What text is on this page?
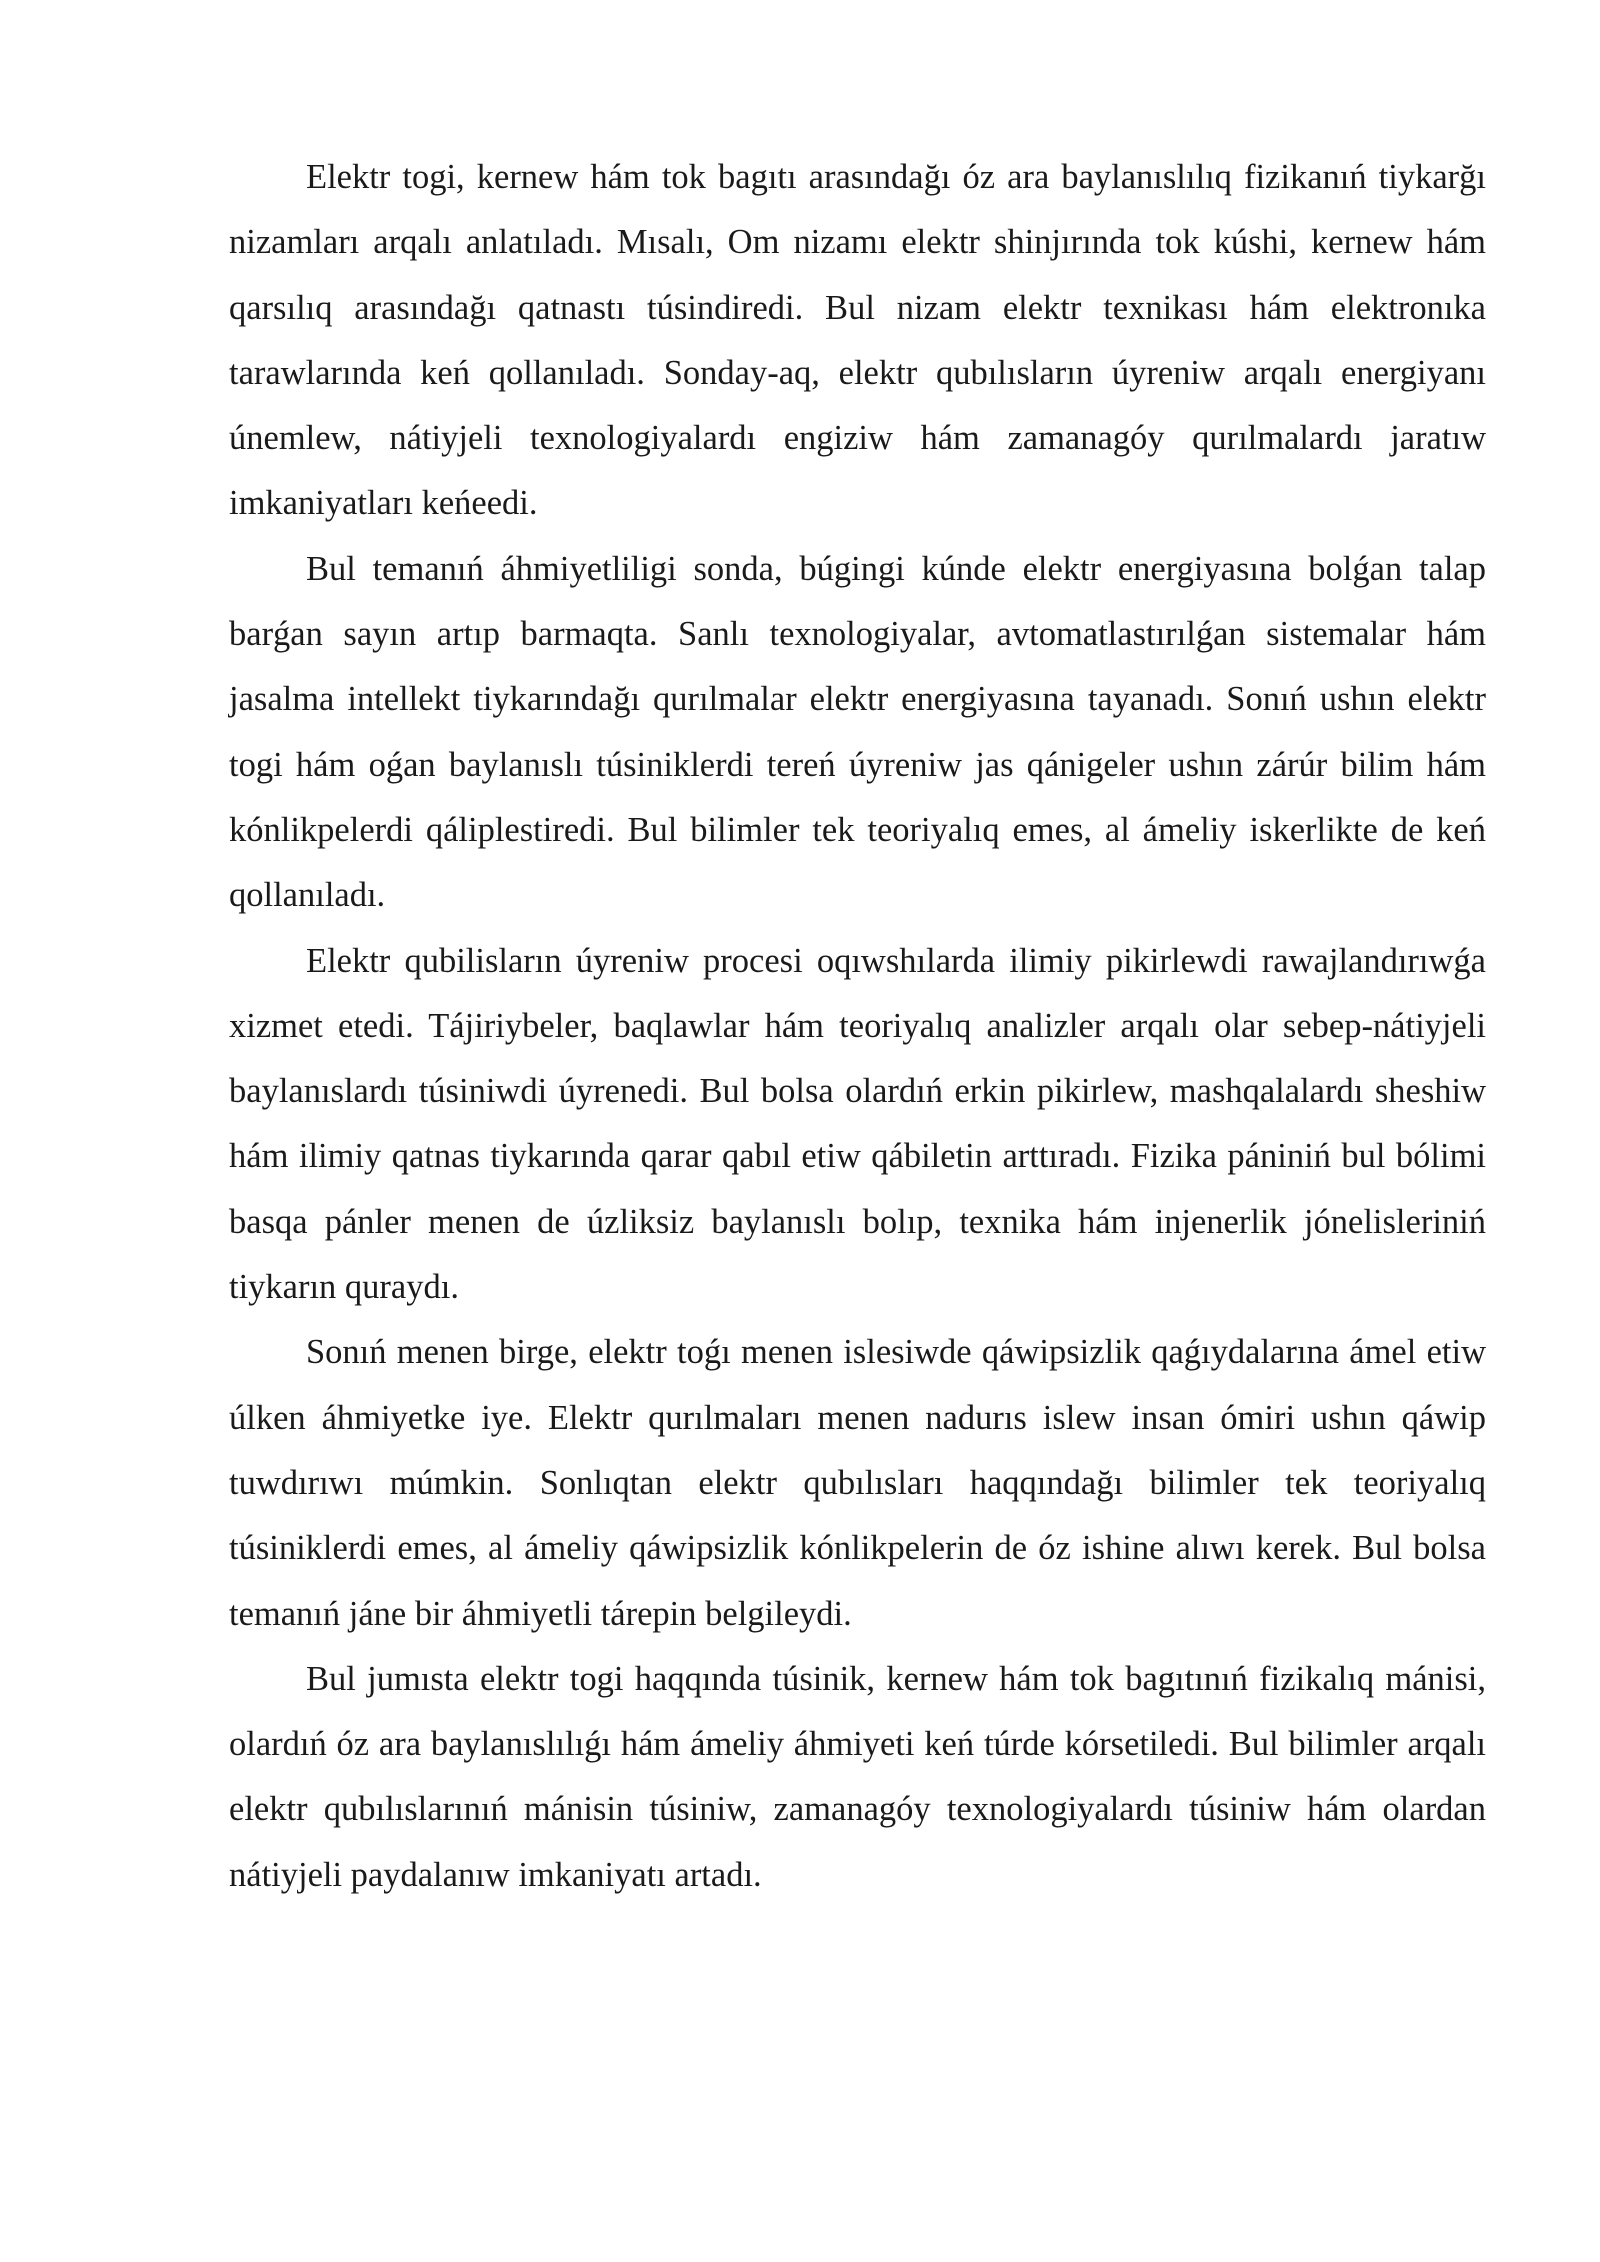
Elektr togi, kernew hám tok bagıtı arasındağı óz ara baylanıslılıq fizikanıń tiykarğı nizamları arqalı anlatıladı. Mısalı, Om nizamı elektr shinjırında tok kúshi, kernew hám qarsılıq arasındağı qatnastı túsindiredi. Bul nizam elektr texnikası hám elektronıka tarawlarında keń qollanıladı. Sonday-aq, elektr qubılısların úyreniw arqalı energiyanı únemlew, nátiyjeli texnologiyalardı engiziw hám zamanagóy qurılmalardı jaratıw imkaniyatları keńeedi.

Bul temanıń áhmiyetliligi sonda, búgingi kúnde elektr energiyasına bolǵan talap barǵan sayın artıp barmaqta. Sanlı texnologiyalar, avtomatlastırılǵan sistemalar hám jasalma intellekt tiykarındağı qurılmalar elektr energiyasına tayanadı. Sonıń ushın elektr togi hám oǵan baylanıslı túsiniklerdi tereń úyreniw jas qánigeler ushın zárúr bilim hám kónlikpelerdi qáliplestiredi. Bul bilimler tek teoriyalıq emes, al ámeliy iskerlikte de keń qollanıladı.

Elektr qubilisların úyreniw procesi oqıwshılarda ilimiy pikirlewdi rawajlandırıwǵa xizmet etedi. Tájiriybeler, baqlawlar hám teoriyalıq analizler arqalı olar sebep-nátiyjeli baylanıslardı túsiniwdi úyrenedi. Bul bolsa olardıń erkin pikirlew, mashqalalardı sheshiw hám ilimiy qatnas tiykarında qarar qabıl etiw qábiletin arttıradı. Fizika pániniń bul bólimi basqa pánler menen de úzliksiz baylanıslı bolıp, texnika hám injenerlik jónelisleriniń tiykarın quraydı.

Sonıń menen birge, elektr toǵı menen islesiwde qáwipsizlik qaǵıydalarına ámel etiw úlken áhmiyetke iye. Elektr qurılmaları menen nadurıs islew insan ómiri ushın qáwip tuwdırıwı múmkin. Sonlıqtan elektr qubılısları haqqındağı bilimler tek teoriyalıq túsiniklerdi emes, al ámeliy qáwipsizlik kónlikpelerin de óz ishine alıwı kerek. Bul bolsa temanıń jáne bir áhmiyetli tárepin belgileydi.

Bul jumısta elektr togi haqqında túsinik, kernew hám tok bagıtınıń fizikalıq mánisi, olardıń óz ara baylanıslılıǵı hám ámeliy áhmiyeti keń túrde kórsetiledi. Bul bilimler arqalı elektr qubılıslarınıń mánisin túsiniw, zamanagóy texnologiyalardı túsiniw hám olardan nátiyjeli paydalanıw imkaniyatı artadı.
